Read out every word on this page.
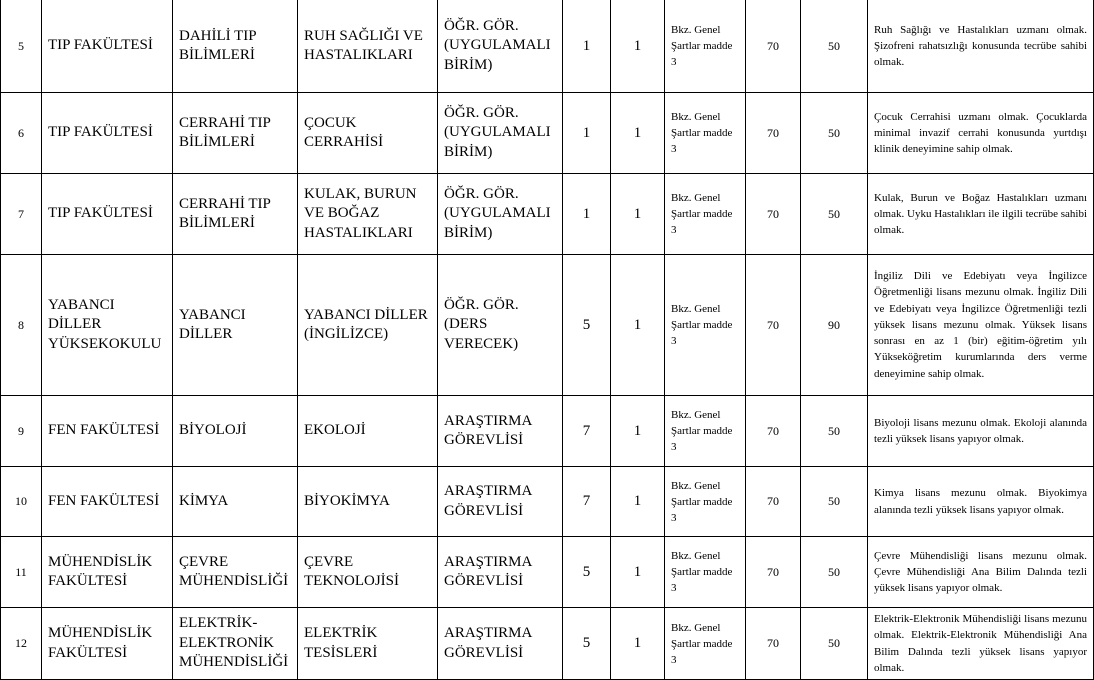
5	TIP FAKÜLTESİ	DAHİLİ TIP BİLİMLERİ	RUH SAĞLIĞI VE HASTALIKLARI	ÖĞR. GÖR. (UYGULAMALI BİRİM)	1	1	Bkz. Genel Şartlar madde 3	70	50	Ruh Sağlığı ve Hastalıkları uzmanı olmak. Şizofreni rahatsızlığı konusunda tecrübe sahibi olmak.
6	TIP FAKÜLTESİ	CERRAHİ TIP BİLİMLERİ	ÇOCUK CERRAHİSİ	ÖĞR. GÖR. (UYGULAMALI BİRİM)	1	1	Bkz. Genel Şartlar madde 3	70	50	Çocuk Cerrahisi uzmanı olmak. Çocuklarda minimal invazif cerrahi konusunda yurtdışı klinik deneyimine sahip olmak.
7	TIP FAKÜLTESİ	CERRAHİ TIP BİLİMLERİ	KULAK, BURUN VE BOĞAZ HASTALIKLARI	ÖĞR. GÖR. (UYGULAMALI BİRİM)	1	1	Bkz. Genel Şartlar madde 3	70	50	Kulak, Burun ve Boğaz Hastalıkları uzmanı olmak. Uyku Hastalıkları ile ilgili tecrübe sahibi olmak.
8	YABANCI DİLLER YÜKSEKOKULU	YABANCI DİLLER	YABANCI DİLLER (İNGİLİZCE)	ÖĞR. GÖR. (DERS VERECEK)	5	1	Bkz. Genel Şartlar madde 3	70	90	İngiliz Dili ve Edebiyatı veya İngilizce Öğretmenliği lisans mezunu olmak. İngiliz Dili ve Edebiyatı veya İngilizce Öğretmenliği tezli yüksek lisans mezunu olmak. Yüksek lisans sonrası en az 1 (bir) eğitim-öğretim yılı Yükseköğretim kurumlarında ders verme deneyimine sahip olmak.
9	FEN FAKÜLTESİ	BİYOLOJİ	EKOLOJİ	ARAŞTIRMA GÖREVLİSİ	7	1	Bkz. Genel Şartlar madde 3	70	50	Biyoloji lisans mezunu olmak. Ekoloji alanında tezli yüksek lisans yapıyor olmak.
10	FEN FAKÜLTESİ	KİMYA	BİYOKİMYA	ARAŞTIRMA GÖREVLİSİ	7	1	Bkz. Genel Şartlar madde 3	70	50	Kimya lisans mezunu olmak. Biyokimya alanında tezli yüksek lisans yapıyor olmak.
11	MÜHENDİSLİK FAKÜLTESİ	ÇEVRE MÜHENDİSLİĞİ	ÇEVRE TEKNOLOJİSİ	ARAŞTIRMA GÖREVLİSİ	5	1	Bkz. Genel Şartlar madde 3	70	50	Çevre Mühendisliği lisans mezunu olmak. Çevre Mühendisliği Ana Bilim Dalında tezli yüksek lisans yapıyor olmak.
12	MÜHENDİSLİK FAKÜLTESİ	ELEKTRİK-ELEKTRONİK MÜHENDİSLİĞİ	ELEKTRİK TESİSLERİ	ARAŞTIRMA GÖREVLİSİ	5	1	Bkz. Genel Şartlar madde 3	70	50	Elektrik-Elektronik Mühendisliği lisans mezunu olmak. Elektrik-Elektronik Mühendisliği Ana Bilim Dalında tezli yüksek lisans yapıyor olmak.
